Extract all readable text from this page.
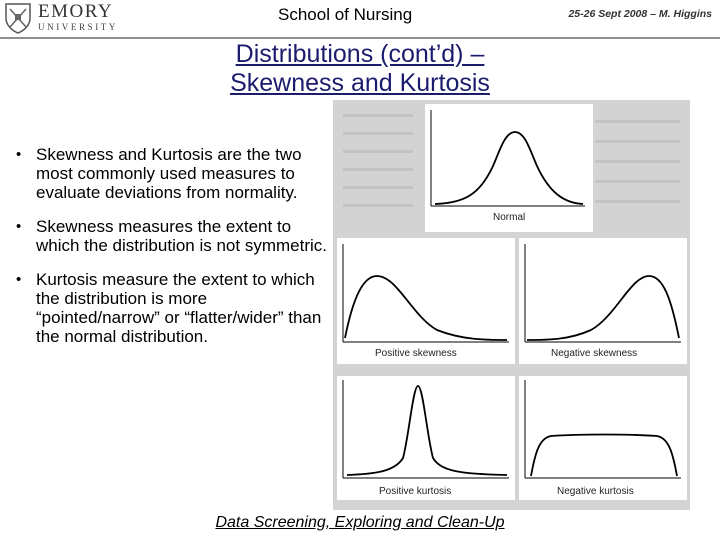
EMORY
UNIVERSITY
School of Nursing	25-26 Sept 2008 – M. Higgins
Distributions (cont’d) –
Skewness and Kurtosis
• Skewness and Kurtosis are the two most commonly used measures to evaluate deviations from normality.
• Skewness measures the extent to which the distribution is not symmetric.
• Kurtosis measure the extent to which the distribution is more “pointed/narrow” or “flatter/wider” than the normal distribution.
Normal
Positive skewness	Negative skewness
Positive kurtosis	Negative kurtosis
Data Screening, Exploring and Clean-Up
